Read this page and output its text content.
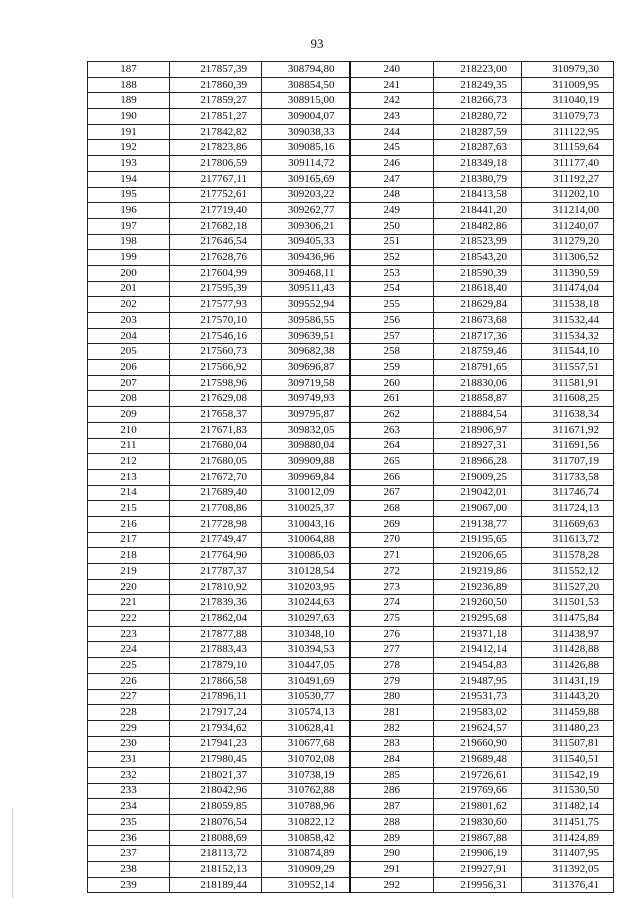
93
187	217857,39	308794,80	240	218223,00	310979,30
188	217860,39	308854,50	241	218249,35	311009,95
189	217859,27	308915,00	242	218266,73	311040,19
190	217851,27	309004,07	243	218280,72	311079,73
191	217842,82	309038,33	244	218287,59	311122,95
192	217823,86	309085,16	245	218287,63	311159,64
193	217806,59	309114,72	246	218349,18	311177,40
194	217767,11	309165,69	247	218380,79	311192,27
195	217752,61	309203,22	248	218413,58	311202,10
196	217719,40	309262,77	249	218441,20	311214,00
197	217682,18	309306,21	250	218482,86	311240,07
198	217646,54	309405,33	251	218523,99	311279,20
199	217628,76	309436,96	252	218543,20	311306,52
200	217604,99	309468,11	253	218590,39	311390,59
201	217595,39	309511,43	254	218618,40	311474,04
202	217577,93	309552,94	255	218629,84	311538,18
203	217570,10	309586,55	256	218673,68	311532,44
204	217546,16	309639,51	257	218717,36	311534,32
205	217560,73	309682,38	258	218759,46	311544,10
206	217566,92	309696,87	259	218791,65	311557,51
207	217598,96	309719,58	260	218830,06	311581,91
208	217629,08	309749,93	261	218858,87	311608,25
209	217658,37	309795,87	262	218884,54	311638,34
210	217671,83	309832,05	263	218906,97	311671,92
211	217680,04	309880,04	264	218927,31	311691,56
212	217680,05	309909,88	265	218966,28	311707,19
213	217672,70	309969,84	266	219009,25	311733,58
214	217689,40	310012,09	267	219042,01	311746,74
215	217708,86	310025,37	268	219067,00	311724,13
216	217728,98	310043,16	269	219138,77	311669,63
217	217749,47	310064,88	270	219195,65	311613,72
218	217764,90	310086,03	271	219206,65	311578,28
219	217787,37	310128,54	272	219219,86	311552,12
220	217810,92	310203,95	273	219236,89	311527,20
221	217839,36	310244,63	274	219260,50	311501,53
222	217862,04	310297,63	275	219295,68	311475,84
223	217877,88	310348,10	276	219371,18	311438,97
224	217883,43	310394,53	277	219412,14	311428,88
225	217879,10	310447,05	278	219454,83	311426,88
226	217866,58	310491,69	279	219487,95	311431,19
227	217896,11	310530,77	280	219531,73	311443,20
228	217917,24	310574,13	281	219583,02	311459,88
229	217934,62	310628,41	282	219624,57	311480,23
230	217941,23	310677,68	283	219660,90	311507,81
231	217980,45	310702,08	284	219689,48	311540,51
232	218021,37	310738,19	285	219726,61	311542,19
233	218042,96	310762,88	286	219769,66	311530,50
234	218059,85	310788,96	287	219801,62	311482,14
235	218076,54	310822,12	288	219830,60	311451,75
236	218088,69	310858,42	289	219867,88	311424,89
237	218113,72	310874,89	290	219906,19	311407,95
238	218152,13	310909,29	291	219927,91	311392,05
239	218189,44	310952,14	292	219956,31	311376,41
